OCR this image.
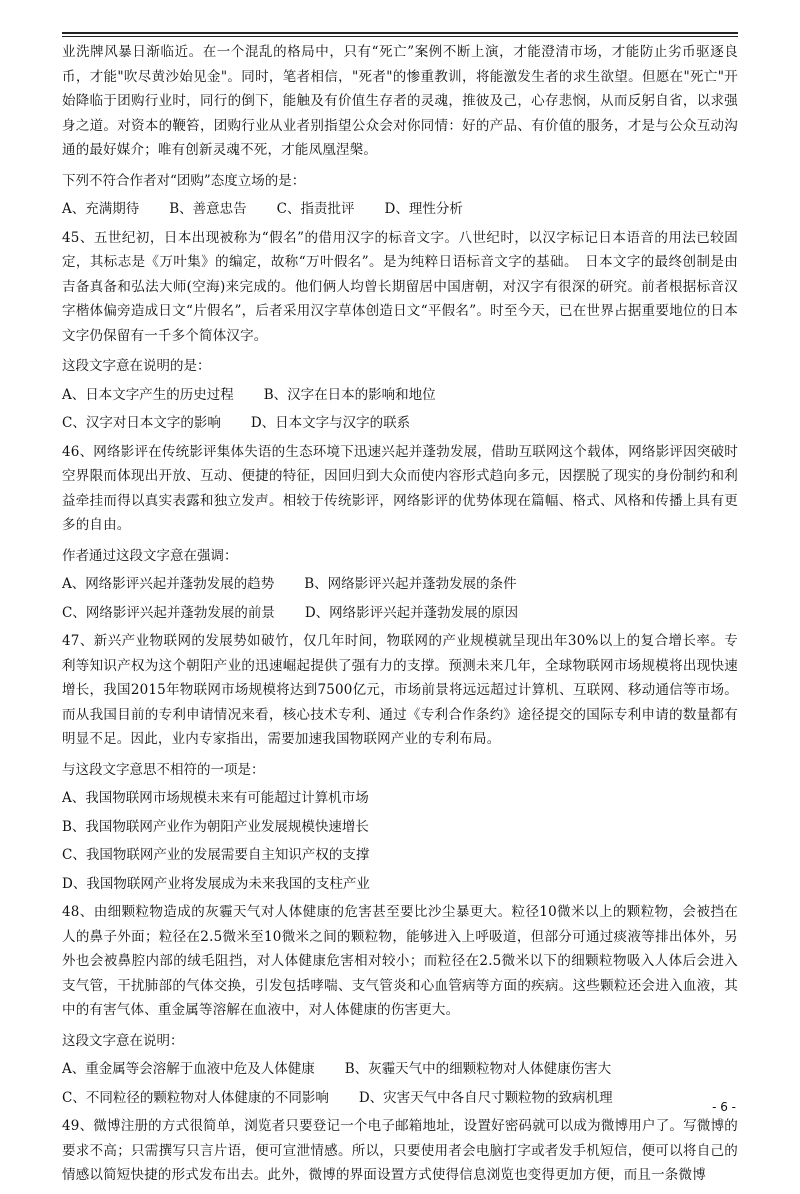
业洗牌风暴日渐临近。在一个混乱的格局中，只有“死亡”案例不断上演，才能澄清市场，才能防止劣币驱逐良币，才能"吹尽黄沙始见金"。同时，笔者相信，"死者"的惨重教训，将能激发生者的求生欲望。但愿在"死亡"开始降临于团购行业时，同行的倒下，能触及有价值生存者的灵魂，推彼及己，心存悲悯，从而反躬自省，以求强身之道。对资本的鞭笞，团购行业从业者别指望公众会对你同情：好的产品、有价值的服务，才是与公众互动沟通的最好媒介；唯有创新灵魂不死，才能凤凰涅槃。

下列不符合作者对“团购”态度立场的是：

A、充满期待 B、善意忠告 C、指责批评 D、理性分析

45、五世纪初，日本出现被称为“假名”的借用汉字的标音文字。八世纪时，以汉字标记日本语音的用法已较固定，其标志是《万叶集》的编定，故称“万叶假名”。是为纯粹日语标音文字的基础。　日本文字的最终创制是由吉备真备和弘法大师(空海)来完成的。他们俩人均曾长期留居中国唐朝，对汉字有很深的研究。前者根据标音汉字楷体偏旁造成日文“片假名”，后者采用汉字草体创造日文“平假名”。时至今天，已在世界占据重要地位的日本文字仍保留有一千多个简体汉字。

这段文字意在说明的是：

A、日本文字产生的历史过程 B、汉字在日本的影响和地位
C、汉字对日本文字的影响 D、日本文字与汉字的联系

46、网络影评在传统影评集体失语的生态环境下迅速兴起并蓬勃发展，借助互联网这个载体，网络影评因突破时空界限而体现出开放、互动、便捷的特征，因回归到大众而使内容形式趋向多元，因摆脱了现实的身份制约和利益牵挂而得以真实表露和独立发声。相较于传统影评，网络影评的优势体现在篇幅、格式、风格和传播上具有更多的自由。

作者通过这段文字意在强调：

A、网络影评兴起并蓬勃发展的趋势 B、网络影评兴起并蓬勃发展的条件
C、网络影评兴起并蓬勃发展的前景 D、网络影评兴起并蓬勃发展的原因

47、新兴产业物联网的发展势如破竹，仅几年时间，物联网的产业规模就呈现出年30%以上的复合增长率。专利等知识产权为这个朝阳产业的迅速崛起提供了强有力的支撑。预测未来几年，全球物联网市场规模将出现快速增长，我国2015年物联网市场规模将达到7500亿元，市场前景将远远超过计算机、互联网、移动通信等市场。而从我国目前的专利申请情况来看，核心技术专利、通过《专利合作条约》途径提交的国际专利申请的数量都有明显不足。因此，业内专家指出，需要加速我国物联网产业的专利布局。

与这段文字意思不相符的一项是：

A、我国物联网市场规模未来有可能超过计算机市场
B、我国物联网产业作为朝阳产业发展规模快速增长
C、我国物联网产业的发展需要自主知识产权的支撑
D、我国物联网产业将发展成为未来我国的支柱产业

48、由细颗粒物造成的灰霾天气对人体健康的危害甚至要比沙尘暴更大。粒径10微米以上的颗粒物，会被挡在人的鼻子外面；粒径在2.5微米至10微米之间的颗粒物，能够进入上呼吸道，但部分可通过痰液等排出体外，另外也会被鼻腔内部的绒毛阻挡，对人体健康危害相对较小；而粒径在2.5微米以下的细颗粒物吸入人体后会进入支气管，干扰肺部的气体交换，引发包括哮喘、支气管炎和心血管病等方面的疾病。这些颗粒还会进入血液，其中的有害气体、重金属等溶解在血液中，对人体健康的伤害更大。

这段文字意在说明：

A、重金属等会溶解于血液中危及人体健康 B、灰霾天气中的细颗粒物对人体健康伤害大
C、不同粒径的颗粒物对人体健康的不同影响 D、灾害天气中各自尺寸颗粒物的致病机理

49、微博注册的方式很简单，浏览者只要登记一个电子邮箱地址，设置好密码就可以成为微博用户了。写微博的要求不高；只需撰写只言片语，便可宣泄情感。所以，只要使用者会电脑打字或者发手机短信，便可以将自己的情感以简短快捷的形式发布出去。此外，微博的界面设置方式使得信息浏览也变得更加方便，而且一条微博

- 6 -
